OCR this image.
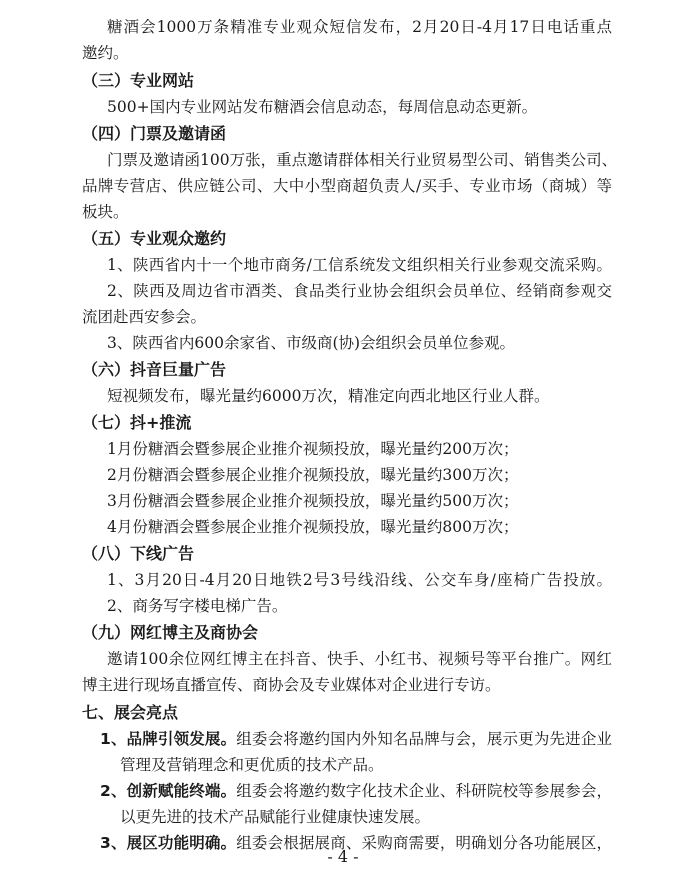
糖酒会1000万条精准专业观众短信发布，2月20日-4月17日电话重点
邀约。
（三）专业网站
500+国内专业网站发布糖酒会信息动态，每周信息动态更新。
（四）门票及邀请函
门票及邀请函100万张，重点邀请群体相关行业贸易型公司、销售类公司、
品牌专营店、供应链公司、大中小型商超负责人/买手、专业市场（商城）等
板块。
（五）专业观众邀约
1、陕西省内十一个地市商务/工信系统发文组织相关行业参观交流采购。
2、陕西及周边省市酒类、食品类行业协会组织会员单位、经销商参观交
流团赴西安参会。
3、陕西省内600余家省、市级商(协)会组织会员单位参观。
（六）抖音巨量广告
短视频发布，曝光量约6000万次，精准定向西北地区行业人群。
（七）抖+推流
1月份糖酒会暨参展企业推介视频投放，曝光量约200万次；
2月份糖酒会暨参展企业推介视频投放，曝光量约300万次；
3月份糖酒会暨参展企业推介视频投放，曝光量约500万次；
4月份糖酒会暨参展企业推介视频投放，曝光量约800万次；
（八）下线广告
1、3月20日-4月20日地铁2号3号线沿线、公交车身/座椅广告投放。
2、商务写字楼电梯广告。
（九）网红博主及商协会
邀请100余位网红博主在抖音、快手、小红书、视频号等平台推广。网红
博主进行现场直播宣传、商协会及专业媒体对企业进行专访。
七、展会亮点
1、品牌引领发展。组委会将邀约国内外知名品牌与会，展示更为先进企业
管理及营销理念和更优质的技术产品。
2、创新赋能终端。组委会将邀约数字化技术企业、科研院校等参展参会，
以更先进的技术产品赋能行业健康快速发展。
3、展区功能明确。组委会根据展商、采购商需要，明确划分各功能展区，
- 4 -
